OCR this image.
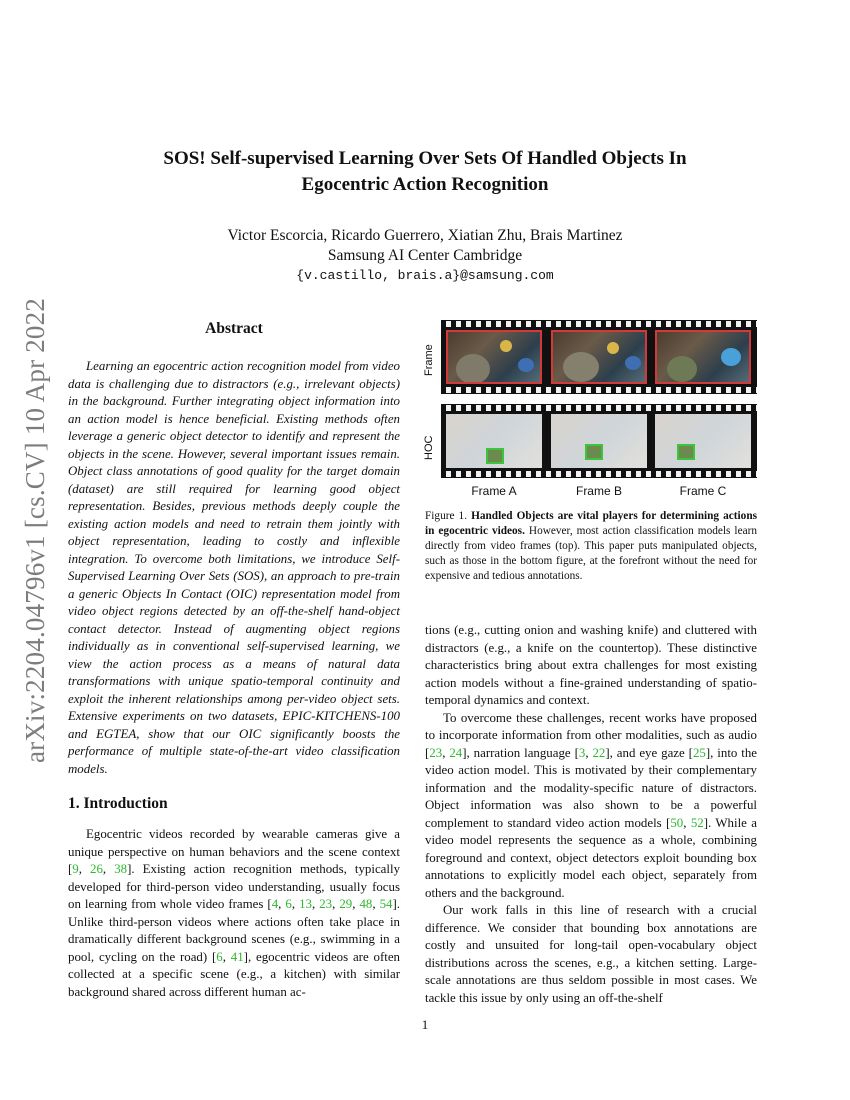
arXiv:2204.04796v1 [cs.CV] 10 Apr 2022
SOS! Self-supervised Learning Over Sets Of Handled Objects In Egocentric Action Recognition
Victor Escorcia, Ricardo Guerrero, Xiatian Zhu, Brais Martinez
Samsung AI Center Cambridge
{v.castillo, brais.a}@samsung.com
Abstract

Learning an egocentric action recognition model from video data is challenging due to distractors (e.g., irrelevant objects) in the background. Further integrating object information into an action model is hence beneficial. Existing methods often leverage a generic object detector to identify and represent the objects in the scene. However, several important issues remain. Object class annotations of good quality for the target domain (dataset) are still required for learning good object representation. Besides, previous methods deeply couple the existing action models and need to retrain them jointly with object representation, leading to costly and inflexible integration. To overcome both limitations, we introduce Self-Supervised Learning Over Sets (SOS), an approach to pre-train a generic Objects In Contact (OIC) representation model from video object regions detected by an off-the-shelf hand-object contact detector. Instead of augmenting object regions individually as in conventional self-supervised learning, we view the action process as a means of natural data transformations with unique spatio-temporal continuity and exploit the inherent relationships among per-video object sets. Extensive experiments on two datasets, EPIC-KITCHENS-100 and EGTEA, show that our OIC significantly boosts the performance of multiple state-of-the-art video classification models.

1. Introduction

Egocentric videos recorded by wearable cameras give a unique perspective on human behaviors and the scene context [9, 26, 38]. Existing action recognition methods, typically developed for third-person video understanding, usually focus on learning from whole video frames [4, 6, 13, 23, 29, 48, 54]. Unlike third-person videos where actions often take place in dramatically different background scenes (e.g., swimming in a pool, cycling on the road) [6, 41], egocentric videos are often collected at a specific scene (e.g., a kitchen) with similar background shared across different human ac-

Frame
HOC
Frame A	Frame B	Frame C

Figure 1. Handled Objects are vital players for determining actions in egocentric videos. However, most action classification models learn directly from video frames (top). This paper puts manipulated objects, such as those in the bottom figure, at the forefront without the need for expensive and tedious annotations.

tions (e.g., cutting onion and washing knife) and cluttered with distractors (e.g., a knife on the countertop). These distinctive characteristics bring about extra challenges for most existing action models without a fine-grained understanding of spatio-temporal dynamics and context.

To overcome these challenges, recent works have proposed to incorporate information from other modalities, such as audio [23, 24], narration language [3, 22], and eye gaze [25], into the video action model. This is motivated by their complementary information and the modality-specific nature of distractors. Object information was also shown to be a powerful complement to standard video action models [50, 52]. While a video model represents the sequence as a whole, combining foreground and context, object detectors exploit bounding box annotations to explicitly model each object, separately from others and the background.

Our work falls in this line of research with a crucial difference. We consider that bounding box annotations are costly and unsuited for long-tail open-vocabulary object distributions across the scenes, e.g., a kitchen setting. Large-scale annotations are thus seldom possible in most cases. We tackle this issue by only using an off-the-shelf

1
